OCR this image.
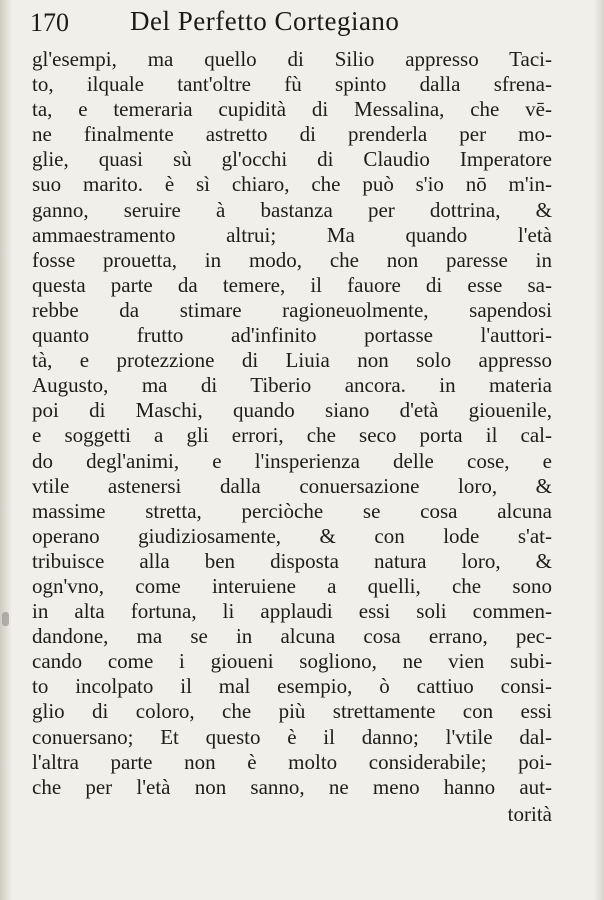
170 Del Perfetto Cortegiano
gl'esempi, ma quello di Silio appresso Taci-
to, ilquale tant'oltre fù spinto dalla sfrena-
ta, e temeraria cupidità di Messalina, che vē-
ne finalmente astretto di prenderla per mo-
glie, quasi sù gl'occhi di Claudio Imperatore
suo marito. è sì chiaro, che può s'io nō m'in-
ganno, seruire à bastanza per dottrina, &
ammaestramento altrui; Ma quando l'età
fosse prouetta, in modo, che non paresse in
questa parte da temere, il fauore di esse sa-
rebbe da stimare ragioneuolmente, sapendosi
quanto frutto ad'infinito portasse l'auttori-
tà, e protezzione di Liuia non solo appresso
Augusto, ma di Tiberio ancora. in materia
poi di Maschi, quando siano d'età giouenile,
e soggetti a gli errori, che seco porta il cal-
do degl'animi, e l'insperienza delle cose, e
vtile astenersi dalla conuersazione loro, &
massime stretta, perciòche se cosa alcuna
operano giudiziosamente, & con lode s'at-
tribuisce alla ben disposta natura loro, &
ogn'vno, come interuiene a quelli, che sono
in alta fortuna, li applaudi essi soli commen-
dandone, ma se in alcuna cosa errano, pec-
cando come i gioueni sogliono, ne vien subi-
to incolpato il mal esempio, ò cattiuo consi-
glio di coloro, che più strettamente con essi
conuersano; Et questo è il danno; l'vtile dal-
l'altra parte non è molto considerabile; poi-
che per l'età non sanno, ne meno hanno aut-
torità
